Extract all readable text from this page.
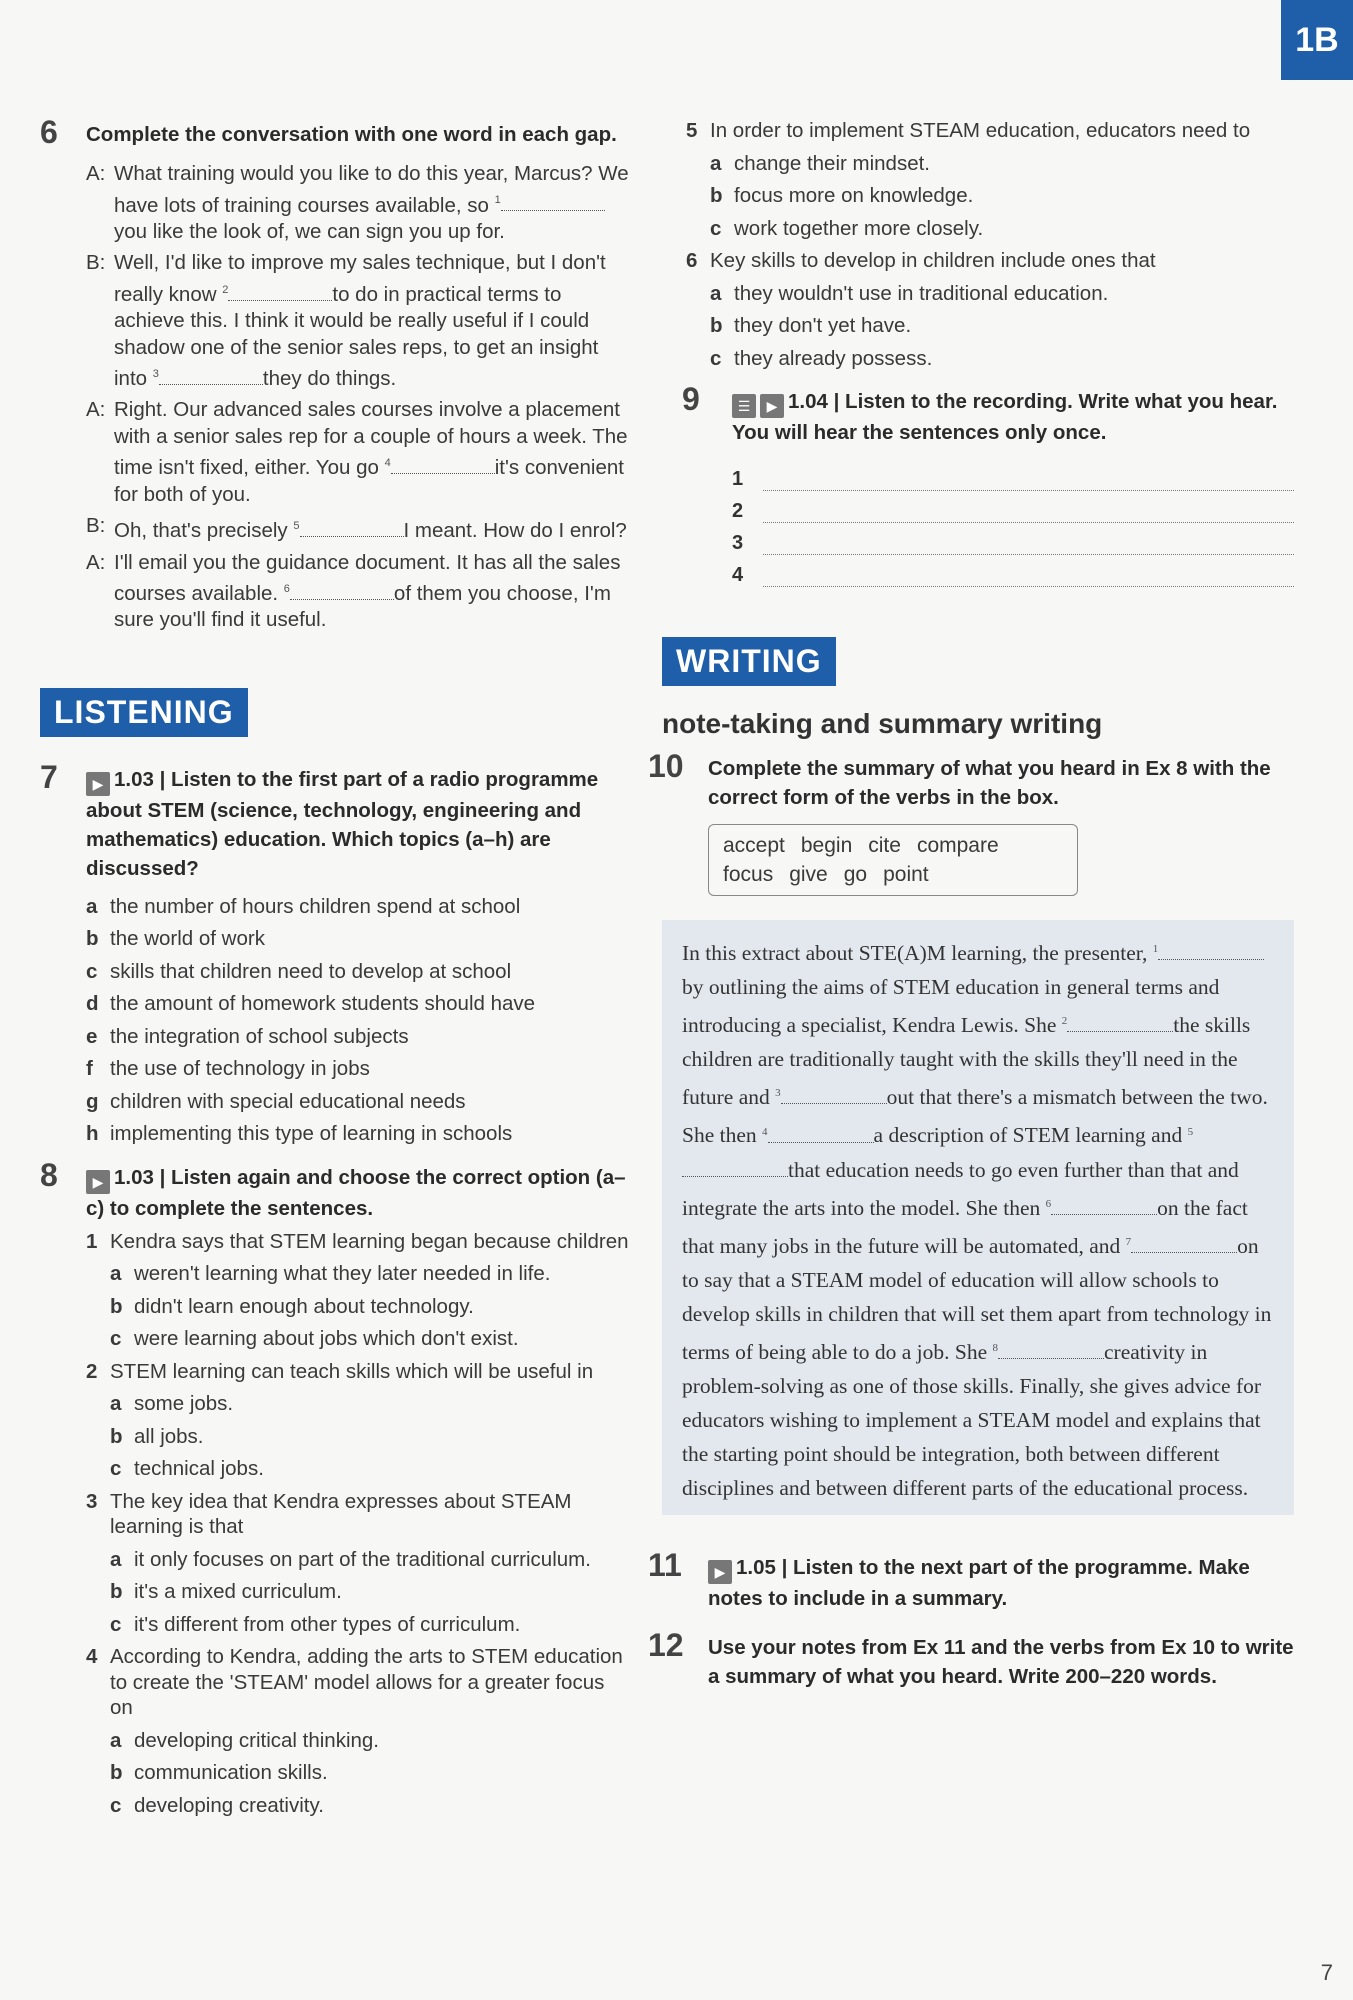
1B
6 Complete the conversation with one word in each gap.
A: What training would you like to do this year, Marcus? We have lots of training courses available, so $^1$you like the look of, we can sign you up for.
B: Well, I'd like to improve my sales technique, but I don't really know $^2$	to do in practical terms to achieve this. I think it would be really useful if I could shadow one of the senior sales reps, to get an insight into $^3$	they do things.
A: Right. Our advanced sales courses involve a placement with a senior sales rep for a couple of hours a week. The time isn't fixed, either. You go $^4$	it's convenient for both of you.
B: Oh, that's precisely $^5$	I meant. How do I enrol?
A: I'll email you the guidance document. It has all the sales courses available. $^6$	of them you choose, I'm sure you'll find it useful.
LISTENING
7	▶ 1.03 | Listen to the first part of a radio programme about STEM (science, technology, engineering and mathematics) education. Which topics (a–h) are discussed?
a the number of hours children spend at school
b the world of work
c skills that children need to develop at school
d the amount of homework students should have
e the integration of school subjects
f the use of technology in jobs
g children with special educational needs
h implementing this type of learning in schools
8	▶ 1.03 | Listen again and choose the correct option (a–c) to complete the sentences.
1 Kendra says that STEM learning began because children
a weren't learning what they later needed in life.
b didn't learn enough about technology.
c were learning about jobs which don't exist.
2 STEM learning can teach skills which will be useful in
a some jobs.
b all jobs.
c technical jobs.
3 The key idea that Kendra expresses about STEAM learning is that
a it only focuses on part of the traditional curriculum.
b it's a mixed curriculum.
c it's different from other types of curriculum.
4 According to Kendra, adding the arts to STEM education to create the 'STEAM' model allows for a greater focus on
a developing critical thinking.
b communication skills.
c developing creativity.
5 In order to implement STEAM education, educators need to
a change their mindset.
b focus more on knowledge.
c work together more closely.
6 Key skills to develop in children include ones that
a they wouldn't use in traditional education.
b they don't yet have.
c they already possess.
9	☰ ▶ 1.04 | Listen to the recording. Write what you hear. You will hear the sentences only once.
1
2
3
4
WRITING
note-taking and summary writing
10 Complete the summary of what you heard in Ex 8 with the correct form of the verbs in the box.
accept begin cite compare
focus give go point
In this extract about STE(A)M learning, the presenter, $^1$by outlining the aims of STEM education in general terms and introducing a specialist, Kendra Lewis. She $^2$	the skills children are traditionally taught with the skills they'll need in the future and $^3$	out that there's a mismatch between the two. She then $^4$	a description of STEM learning and $^5$that education needs to go even further than that and integrate the arts into the model. She then $^6$	on the fact that many jobs in the future will be automated, and $^7$	on to say that a STEAM model of education will allow schools to develop skills in children that will set them apart from technology in terms of being able to do a job. She $^8$	creativity in problem-solving as one of those skills. Finally, she gives advice for educators wishing to implement a STEAM model and explains that the starting point should be integration, both between different disciplines and between different parts of the educational process.
11	▶ 1.05 | Listen to the next part of the programme. Make notes to include in a summary.
12 Use your notes from Ex 11 and the verbs from Ex 10 to write a summary of what you heard. Write 200–220 words.
7
